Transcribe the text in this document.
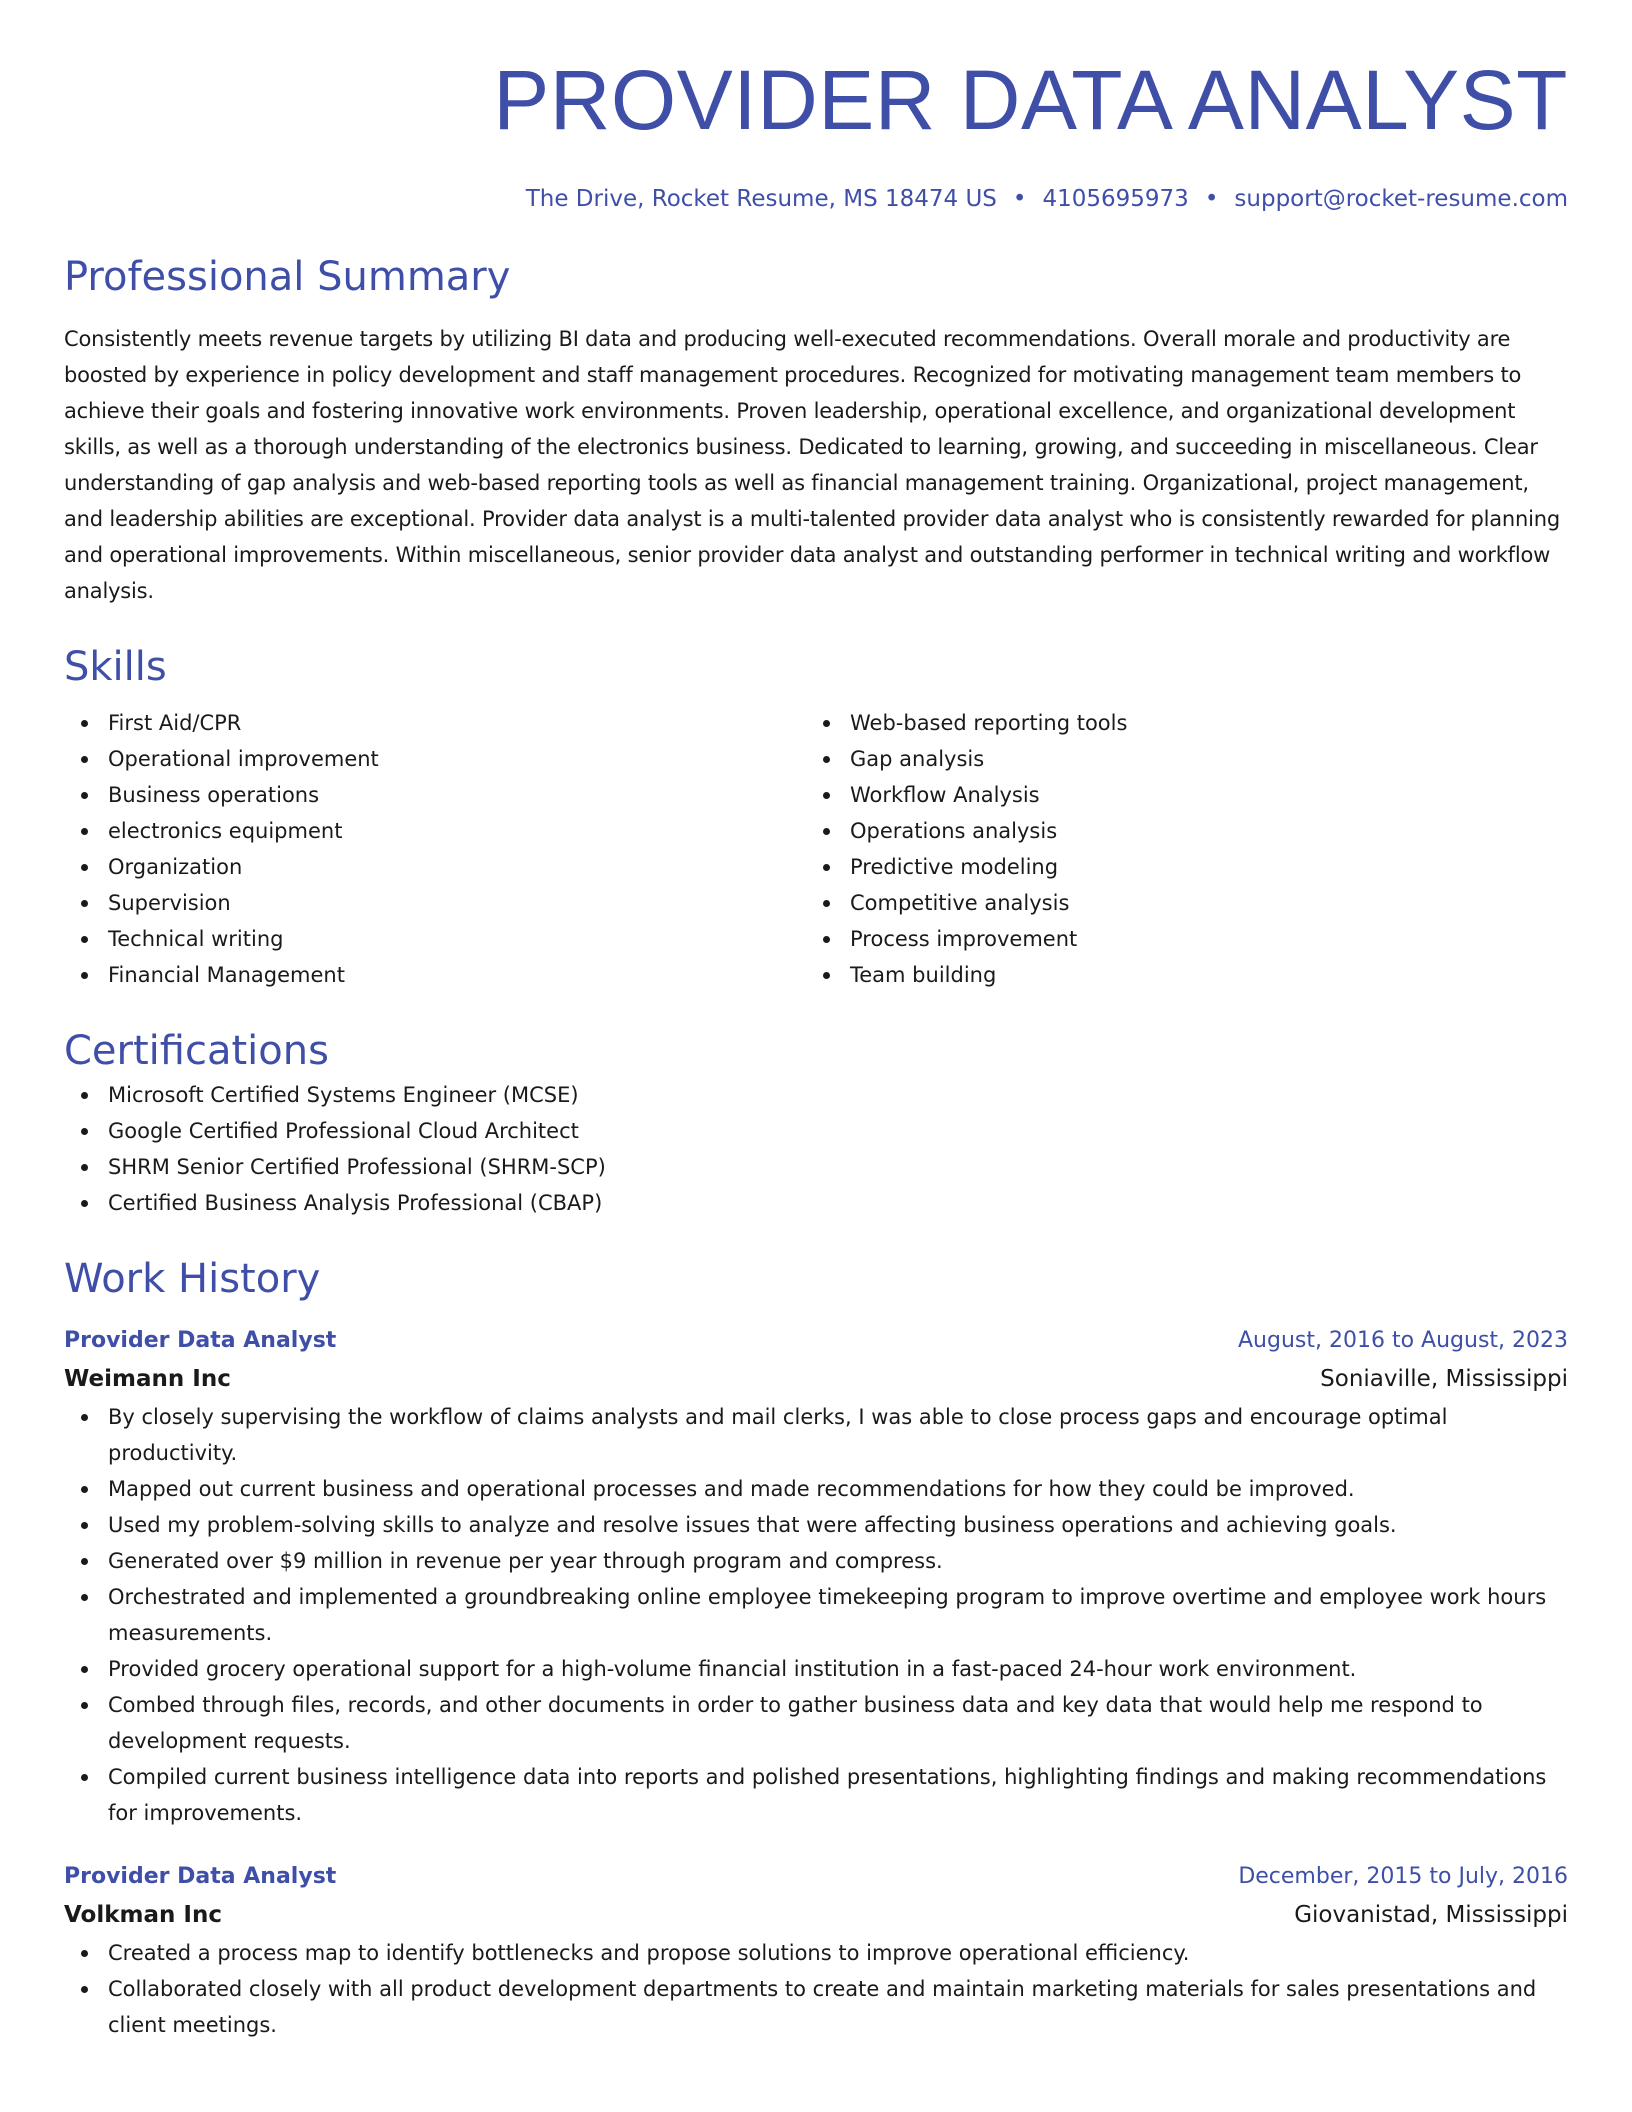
PROVIDER DATA ANALYST
The Drive, Rocket Resume, MS 18474 US • 4105695973 • support@rocket-resume.com
Professional Summary

Consistently meets revenue targets by utilizing BI data and producing well-executed recommendations. Overall morale and productivity are boosted by experience in policy development and staff management procedures. Recognized for motivating management team members to achieve their goals and fostering innovative work environments. Proven leadership, operational excellence, and organizational development skills, as well as a thorough understanding of the electronics business. Dedicated to learning, growing, and succeeding in miscellaneous. Clear understanding of gap analysis and web-based reporting tools as well as financial management training. Organizational, project management, and leadership abilities are exceptional. Provider data analyst is a multi-talented provider data analyst who is consistently rewarded for planning and operational improvements. Within miscellaneous, senior provider data analyst and outstanding performer in technical writing and workflow analysis.

Skills
First Aid/CPR
Operational improvement
Business operations
electronics equipment
Organization
Supervision
Technical writing
Financial Management
Web-based reporting tools
Gap analysis
Workflow Analysis
Operations analysis
Predictive modeling
Competitive analysis
Process improvement
Team building
Certifications
Microsoft Certified Systems Engineer (MCSE)
Google Certified Professional Cloud Architect
SHRM Senior Certified Professional (SHRM-SCP)
Certified Business Analysis Professional (CBAP)
Work History
Provider Data Analyst	August, 2016 to August, 2023
Weimann Inc	Soniaville, Mississippi
By closely supervising the workflow of claims analysts and mail clerks, I was able to close process gaps and encourage optimal productivity.
Mapped out current business and operational processes and made recommendations for how they could be improved.
Used my problem-solving skills to analyze and resolve issues that were affecting business operations and achieving goals.
Generated over $9 million in revenue per year through program and compress.
Orchestrated and implemented a groundbreaking online employee timekeeping program to improve overtime and employee work hours measurements.
Provided grocery operational support for a high-volume financial institution in a fast-paced 24-hour work environment.
Combed through files, records, and other documents in order to gather business data and key data that would help me respond to development requests.
Compiled current business intelligence data into reports and polished presentations, highlighting findings and making recommendations for improvements.
Provider Data Analyst	December, 2015 to July, 2016
Volkman Inc	Giovanistad, Mississippi
Created a process map to identify bottlenecks and propose solutions to improve operational efficiency.
Collaborated closely with all product development departments to create and maintain marketing materials for sales presentations and client meetings.
